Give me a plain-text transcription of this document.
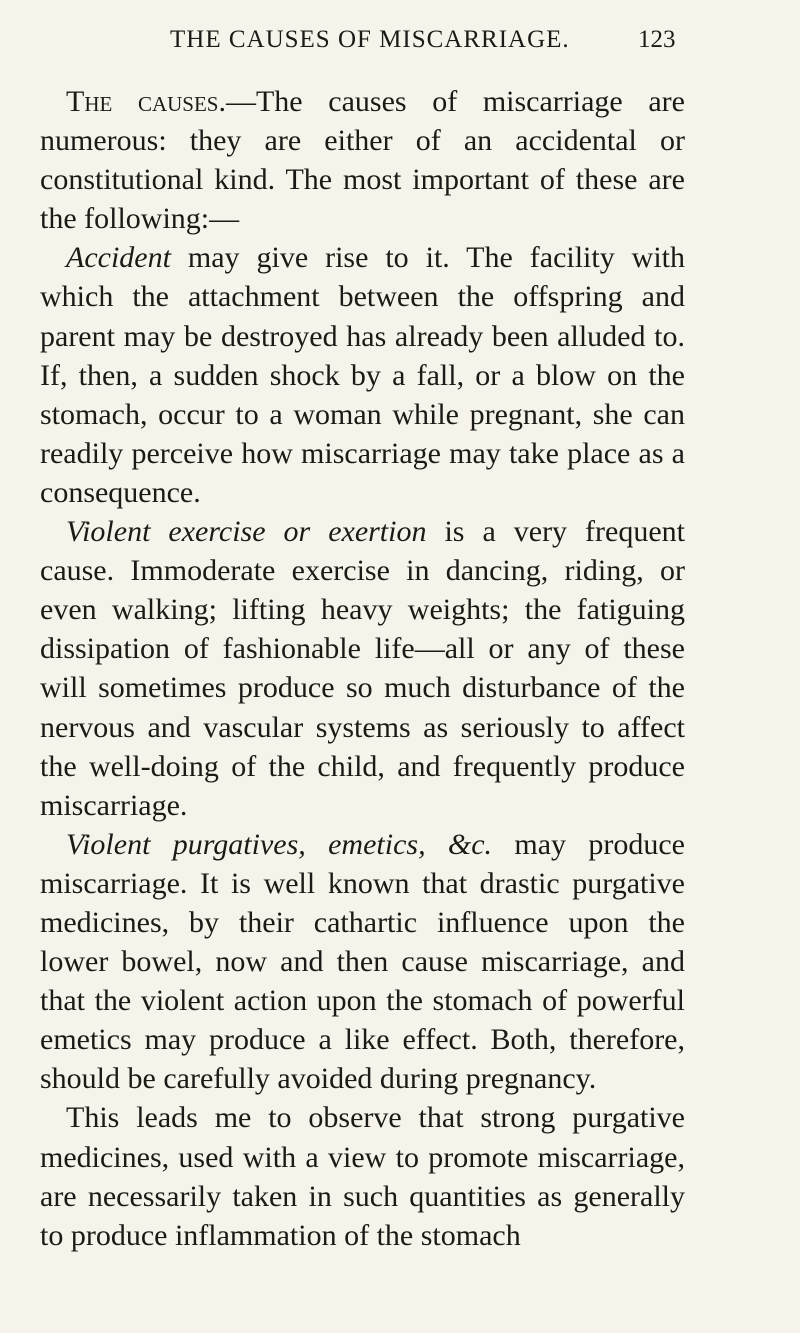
THE CAUSES OF MISCARRIAGE.	123

The causes.—The causes of miscarriage are numerous: they are either of an accidental or constitutional kind. The most important of these are the following:—

Accident may give rise to it. The facility with which the attachment between the offspring and parent may be destroyed has already been alluded to. If, then, a sudden shock by a fall, or a blow on the stomach, occur to a woman while pregnant, she can readily perceive how miscarriage may take place as a consequence.

Violent exercise or exertion is a very frequent cause. Immoderate exercise in dancing, riding, or even walking; lifting heavy weights; the fatiguing dissipation of fashionable life—all or any of these will sometimes produce so much disturbance of the nervous and vascular systems as seriously to affect the well-doing of the child, and frequently produce miscarriage.

Violent purgatives, emetics, &c. may produce miscarriage. It is well known that drastic purgative medicines, by their cathartic influence upon the lower bowel, now and then cause miscarriage, and that the violent action upon the stomach of powerful emetics may produce a like effect. Both, therefore, should be carefully avoided during pregnancy.

This leads me to observe that strong purgative medicines, used with a view to promote miscarriage, are necessarily taken in such quantities as generally to produce inflammation of the stomach
